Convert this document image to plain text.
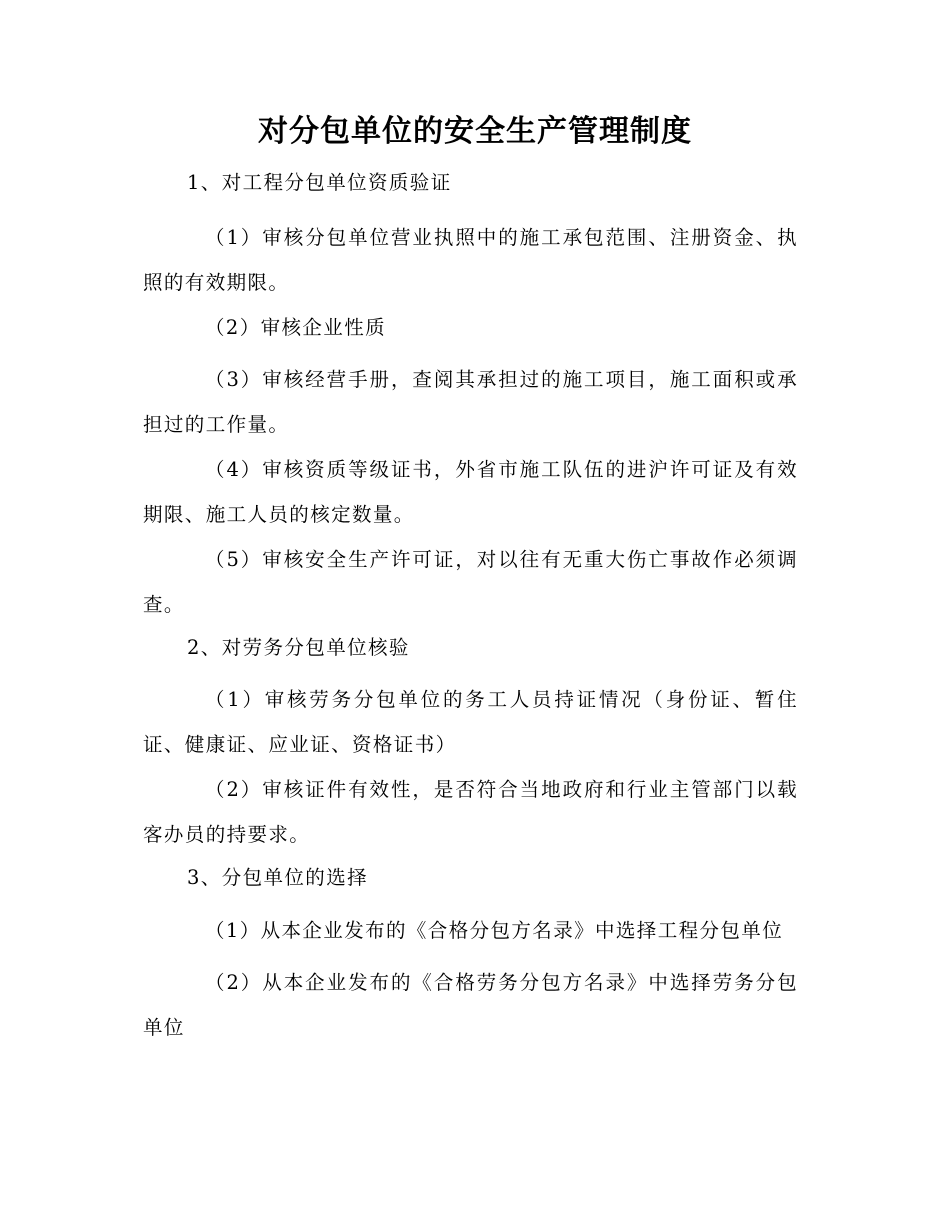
对分包单位的安全生产管理制度

1、对工程分包单位资质验证

（1）审核分包单位营业执照中的施工承包范围、注册资金、执照的有效期限。

（2）审核企业性质

（3）审核经营手册，查阅其承担过的施工项目，施工面积或承担过的工作量。

（4）审核资质等级证书，外省市施工队伍的进沪许可证及有效期限、施工人员的核定数量。

（5）审核安全生产许可证，对以往有无重大伤亡事故作必须调查。

2、对劳务分包单位核验

（1）审核劳务分包单位的务工人员持证情况（身份证、暂住证、健康证、应业证、资格证书）

（2）审核证件有效性，是否符合当地政府和行业主管部门以载客办员的持要求。

3、分包单位的选择

（1）从本企业发布的《合格分包方名录》中选择工程分包单位

（2）从本企业发布的《合格劳务分包方名录》中选择劳务分包单位
